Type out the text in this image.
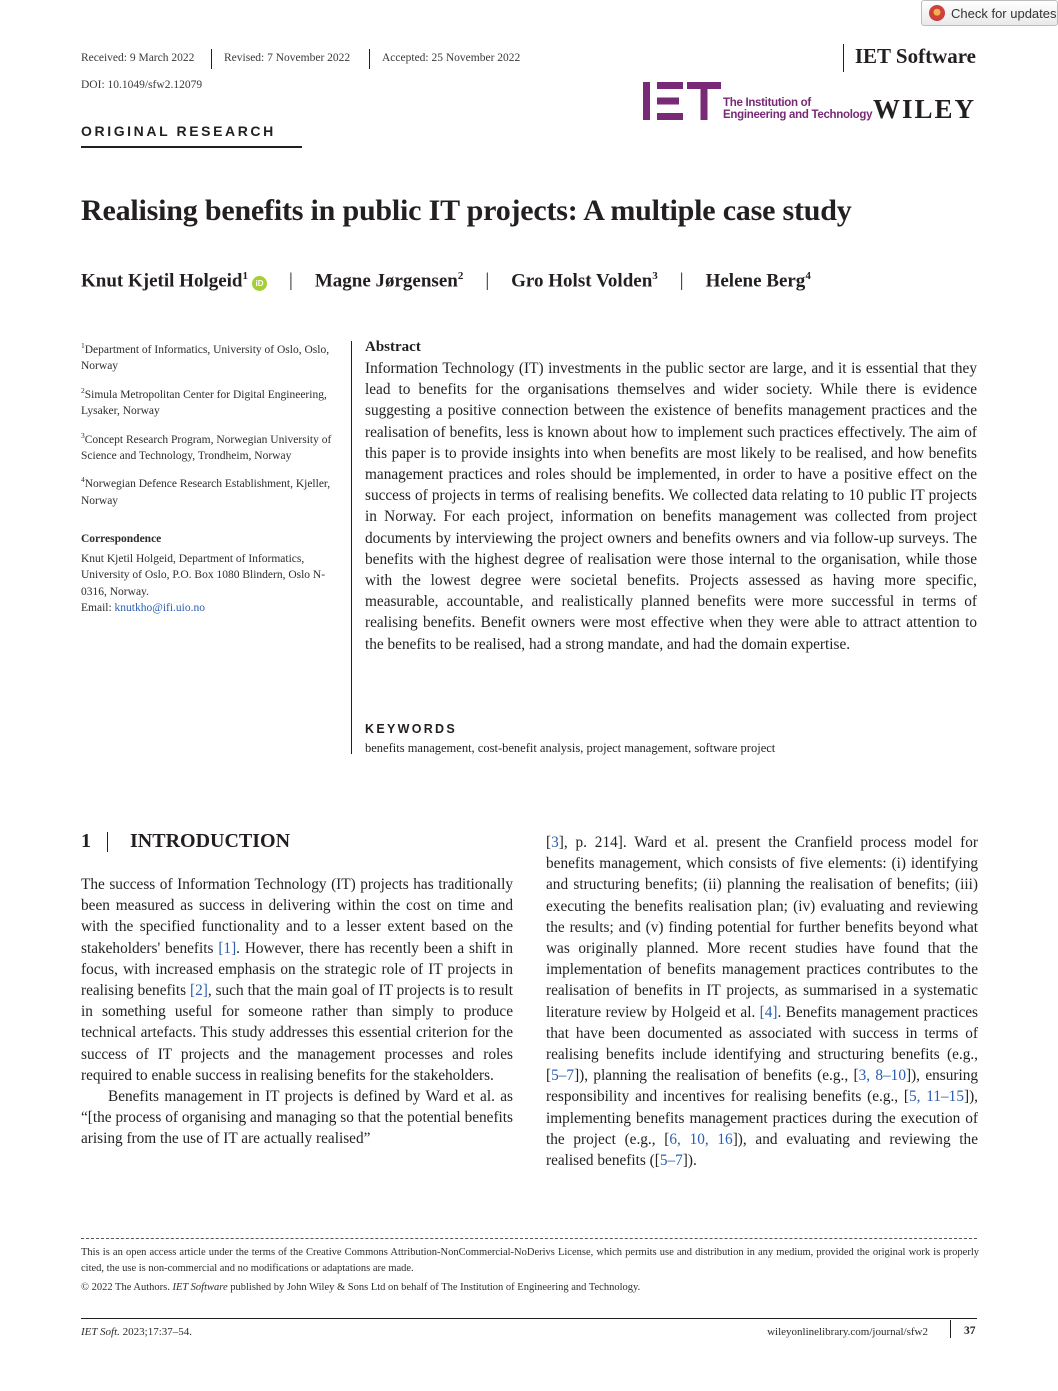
Check for updates
Received: 9 March 2022	Revised: 7 November 2022	Accepted: 25 November 2022	IET Software
DOI: 10.1049/sfw2.12079
ORIGINAL RESEARCH
The Institution of
Engineering and Technology WILEY
Realising benefits in public IT projects: A multiple case study
Knut Kjetil Holgeid$^1$
iD | Magne Jørgensen$^2$ | Gro Holst Volden$^3$ | Helene Berg$^4$
$^1$Department of Informatics, University of Oslo, Oslo, Norway
$^2$Simula Metropolitan Center for Digital Engineering, Lysaker, Norway
$^3$Concept Research Program, Norwegian University of Science and Technology, Trondheim, Norway
$^4$Norwegian Defence Research Establishment, Kjeller, Norway
Correspondence
Knut Kjetil Holgeid, Department of Informatics, University of Oslo, P.O. Box 1080 Blindern, Oslo N-0316, Norway.
Email: knutkho@ifi.uio.no
Abstract
Information Technology (IT) investments in the public sector are large, and it is essential that they lead to benefits for the organisations themselves and wider society. While there is evidence suggesting a positive connection between the existence of benefits management practices and the realisation of benefits, less is known about how to implement such practices effectively. The aim of this paper is to provide insights into when benefits are most likely to be realised, and how benefits management practices and roles should be implemented, in order to have a positive effect on the success of projects in terms of realising benefits. We collected data relating to 10 public IT projects in Norway. For each project, information on benefits management was collected from project documents by interviewing the project owners and benefits owners and via follow-up surveys. The benefits with the highest degree of realisation were those internal to the organisation, while those with the lowest degree were societal benefits. Projects assessed as having more specific, measurable, accountable, and realistically planned benefits were more successful in terms of realising benefits. Benefit owners were most effective when they were able to attract attention to the benefits to be realised, had a strong mandate, and had the domain expertise.
KEYWORDS
benefits management, cost-benefit analysis, project management, software project
1	INTRODUCTION

The success of Information Technology (IT) projects has traditionally been measured as success in delivering within the cost on time and with the specified functionality and to a lesser extent based on the stakeholders' benefits [1]. However, there has recently been a shift in focus, with increased emphasis on the strategic role of IT projects in realising benefits [2], such that the main goal of IT projects is to result in something useful for someone rather than simply to produce technical artefacts. This study addresses this essential criterion for the success of IT projects and the management processes and roles required to enable success in realising benefits for the stakeholders.

Benefits management in IT projects is defined by Ward et al. as “[the process of organising and managing so that the potential benefits arising from the use of IT are actually realised”

[3], p. 214]. Ward et al. present the Cranfield process model for benefits management, which consists of five elements: (i) identifying and structuring benefits; (ii) planning the realisation of benefits; (iii) executing the benefits realisation plan; (iv) evaluating and reviewing the results; and (v) finding potential for further benefits beyond what was originally planned. More recent studies have found that the implementation of benefits management practices contributes to the realisation of benefits in IT projects, as summarised in a systematic literature review by Holgeid et al. [4]. Benefits management practices that have been documented as associated with success in terms of realising benefits include identifying and structuring benefits (e.g., [5–7]), planning the realisation of benefits (e.g., [3, 8–10]), ensuring responsibility and incentives for realising benefits (e.g., [5, 11–15]), implementing benefits management practices during the execution of the project (e.g., [6, 10, 16]), and evaluating and reviewing the realised benefits ([5–7]).

This is an open access article under the terms of the Creative Commons Attribution-NonCommercial-NoDerivs License, which permits use and distribution in any medium, provided the original work is properly cited, the use is non-commercial and no modifications or adaptations are made.
© 2022 The Authors. IET Software published by John Wiley & Sons Ltd on behalf of The Institution of Engineering and Technology.
IET Soft. 2023;17:37–54.	wileyonlinelibrary.com/journal/sfw2	37
